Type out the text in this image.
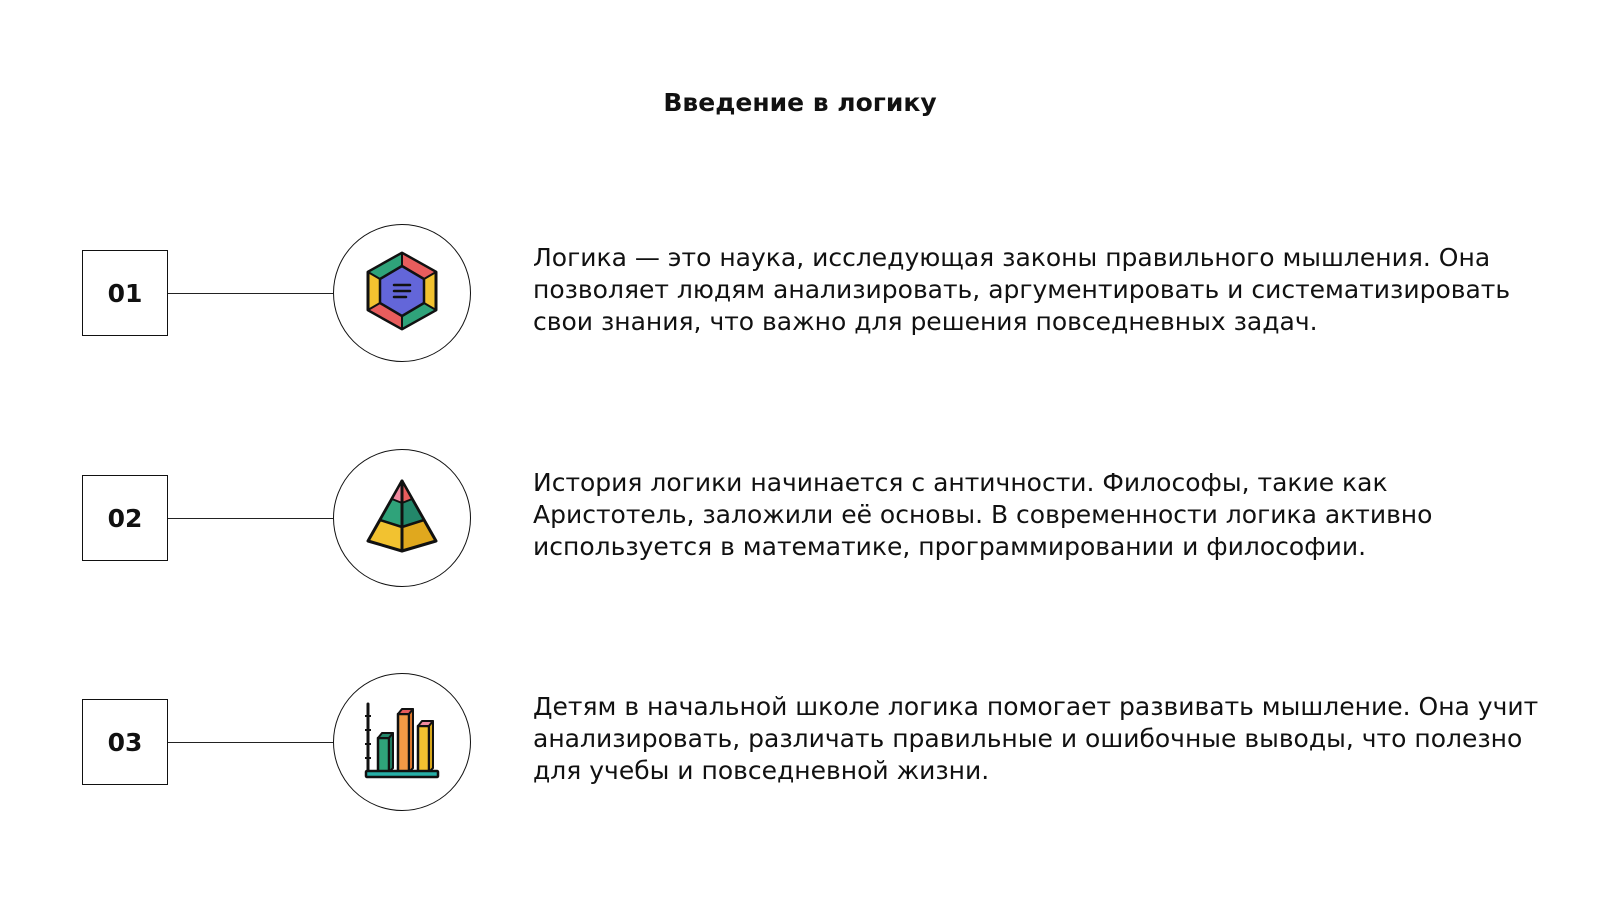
Введение в логику
01
Логика — это наука, исследующая законы правильного мышления. Она позволяет людям анализировать, аргументировать и систематизировать свои знания, что важно для решения повседневных задач.
02
История логики начинается с античности. Философы, такие как Аристотель, заложили её основы. В современности логика активно используется в математике, программировании и философии.
03
Детям в начальной школе логика помогает развивать мышление. Она учит анализировать, различать правильные и ошибочные выводы, что полезно для учебы и повседневной жизни.
